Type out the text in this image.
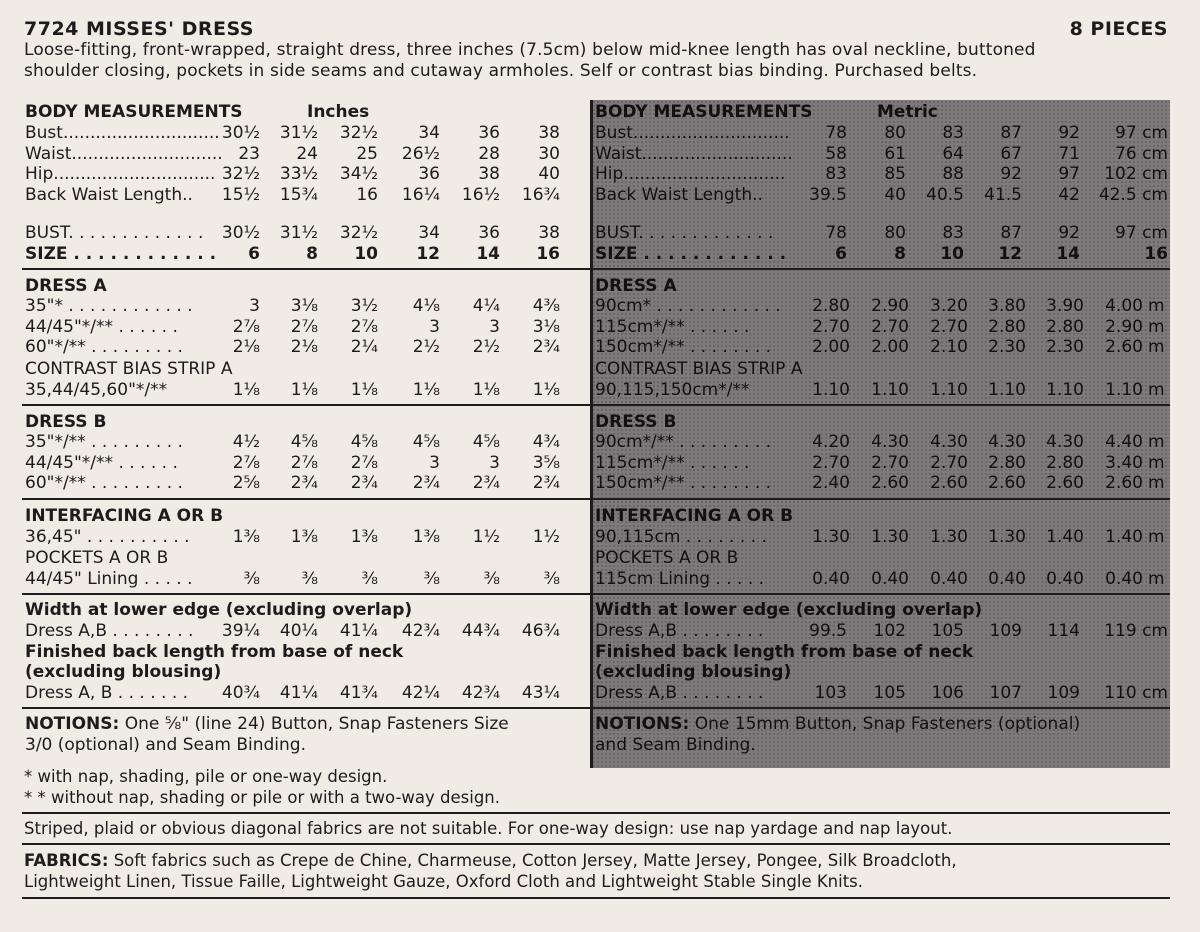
7724 MISSES' DRESS	8 PIECES
Loose-fitting, front-wrapped, straight dress, three inches (7.5cm) below mid-knee length has oval neckline, buttoned
shoulder closing, pockets in side seams and cutaway armholes. Self or contrast bias binding. Purchased belts.
BODY MEASUREMENTS	Inches
Bust............................. 30½	31½	32½	34	36	38
Waist............................ 23	24	25	26½	28	30
Hip.............................. 32½	33½	34½	36	38	40
Back Waist Length..	15½	15¾	16	16¼	16½	16¾
BUST. . . . . . . . . . . . .	30½	31½	32½	34	36	38
SIZE . . . . . . . . . . . .	6	8	10	12	14	16
DRESS A
35"* . . . . . . . . . . . .	3	3⅛	3½	4⅛	4¼	4⅜
44/45"*/** . . . . . .	2⅞	2⅞	2⅞	3	3	3⅛
60"*/** . . . . . . . . .	2⅛	2⅛	2¼	2½	2½	2¾
CONTRAST BIAS STRIP A
35,44/45,60"*/**	1⅛	1⅛	1⅛	1⅛	1⅛	1⅛
DRESS B
35"*/** . . . . . . . . .	4½	4⅝	4⅝	4⅝	4⅝	4¾
44/45"*/** . . . . . .	2⅞	2⅞	2⅞	3	3	3⅝
60"*/** . . . . . . . . .	2⅝	2¾	2¾	2¾	2¾	2¾
INTERFACING A OR B
36,45" . . . . . . . . . .	1⅜	1⅜	1⅜	1⅜	1½	1½
POCKETS A OR B
44/45" Lining . . . . .	⅜	⅜	⅜	⅜	⅜	⅜
Width at lower edge (excluding overlap)
Dress A,B . . . . . . . .	39¼	40¼	41¼	42¾	44¾	46¾
Finished back length from base of neck
(excluding blousing)
Dress A, B . . . . . . .	40¾	41¼	41¾	42¼	42¾	43¼
NOTIONS: One ⅝" (line 24) Button, Snap Fasteners Size
3/0 (optional) and Seam Binding.
BODY MEASUREMENTS	Metric
Bust.............................	78	80	83	87	92	97 cm
Waist............................	58	61	64	67	71	76 cm
Hip..............................	83	85	88	92	97	102 cm
Back Waist Length..	39.5	40	40.5	41.5	42	42.5 cm
BUST. . . . . . . . . . . . .	78	80	83	87	92	97 cm
SIZE . . . . . . . . . . . .	6	8	10	12	14	16
DRESS A
90cm* . . . . . . . . . . . .	2.80	2.90	3.20	3.80	3.90	4.00 m
115cm*/** . . . . . .	2.70	2.70	2.70	2.80	2.80	2.90 m
150cm*/** . . . . . . . .	2.00	2.00	2.10	2.30	2.30	2.60 m
CONTRAST BIAS STRIP A
90,115,150cm*/**	1.10	1.10	1.10	1.10	1.10	1.10 m
DRESS B
90cm*/** . . . . . . . . .	4.20	4.30	4.30	4.30	4.30	4.40 m
115cm*/** . . . . . .	2.70	2.70	2.70	2.80	2.80	3.40 m
150cm*/** . . . . . . . .	2.40	2.60	2.60	2.60	2.60	2.60 m
INTERFACING A OR B
90,115cm . . . . . . . .	1.30	1.30	1.30	1.30	1.40	1.40 m
POCKETS A OR B
115cm Lining . . . . .	0.40	0.40	0.40	0.40	0.40	0.40 m
Width at lower edge (excluding overlap)
Dress A,B . . . . . . . .	99.5	102	105	109	114	119 cm
Finished back length from base of neck
(excluding blousing)
Dress A,B . . . . . . . .	103	105	106	107	109	110 cm
NOTIONS: One 15mm Button, Snap Fasteners (optional)
and Seam Binding.
* with nap, shading, pile or one-way design.
* * without nap, shading or pile or with a two-way design.
Striped, plaid or obvious diagonal fabrics are not suitable. For one-way design: use nap yardage and nap layout.
FABRICS: Soft fabrics such as Crepe de Chine, Charmeuse, Cotton Jersey, Matte Jersey, Pongee, Silk Broadcloth,
Lightweight Linen, Tissue Faille, Lightweight Gauze, Oxford Cloth and Lightweight Stable Single Knits.
